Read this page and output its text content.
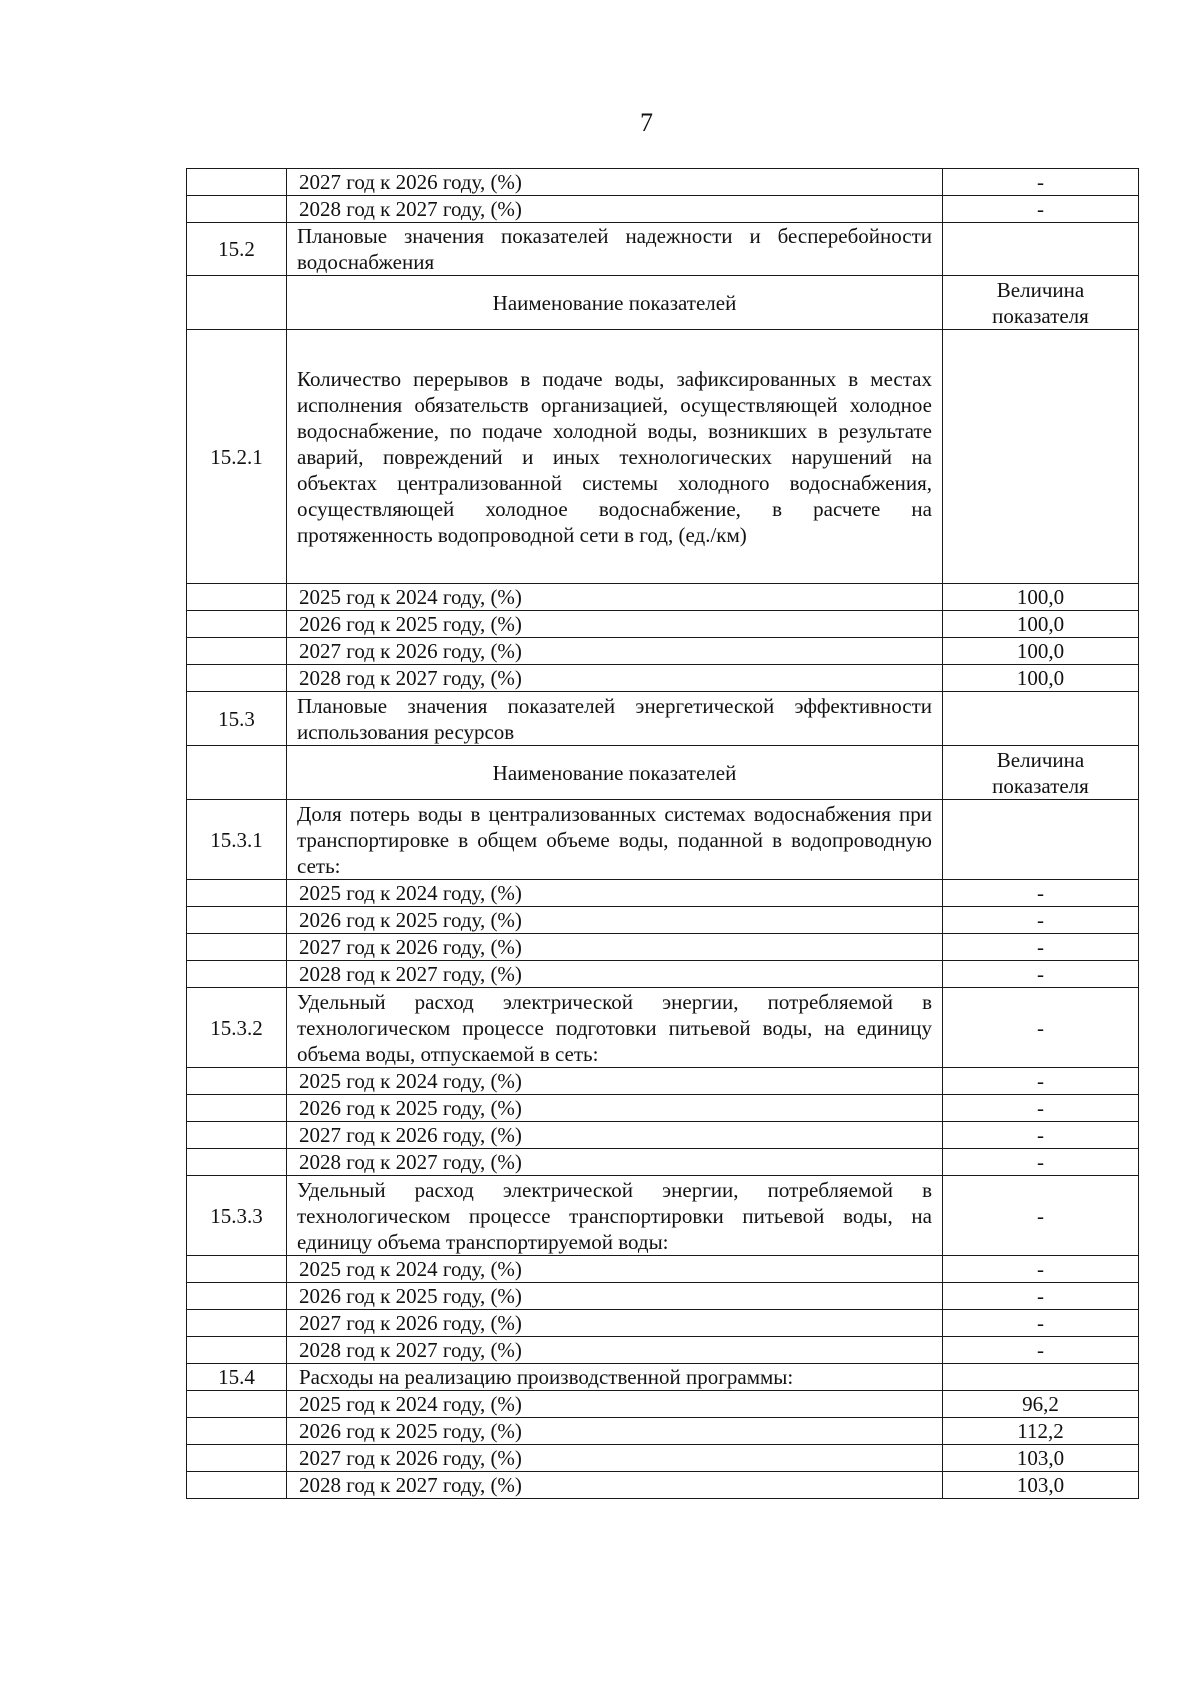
7
	2027 год к 2026 году, (%)	-
	2028 год к 2027 году, (%)	-
15.2	Плановые значения показателей надежности и бесперебойности водоснабжения	
	Наименование показателей	Величина показателя
15.2.1	Количество перерывов в подаче воды, зафиксированных в местах исполнения обязательств организацией, осуществляющей холодное водоснабжение, по подаче холодной воды, возникших в результате аварий, повреждений и иных технологических нарушений на объектах централизованной системы холодного водоснабжения, осуществляющей холодное водоснабжение, в расчете на протяженность водопроводной сети в год, (ед./км)	
	2025 год к 2024 году, (%)	100,0
	2026 год к 2025 году, (%)	100,0
	2027 год к 2026 году, (%)	100,0
	2028 год к 2027 году, (%)	100,0
15.3	Плановые значения показателей энергетической эффективности использования ресурсов	
	Наименование показателей	Величина показателя
15.3.1	Доля потерь воды в централизованных системах водоснабжения при транспортировке в общем объеме воды, поданной в водопроводную сеть:	
	2025 год к 2024 году, (%)	-
	2026 год к 2025 году, (%)	-
	2027 год к 2026 году, (%)	-
	2028 год к 2027 году, (%)	-
15.3.2	Удельный расход электрической энергии, потребляемой в технологическом процессе подготовки питьевой воды, на единицу объема воды, отпускаемой в сеть:	-
	2025 год к 2024 году, (%)	-
	2026 год к 2025 году, (%)	-
	2027 год к 2026 году, (%)	-
	2028 год к 2027 году, (%)	-
15.3.3	Удельный расход электрической энергии, потребляемой в технологическом процессе транспортировки питьевой воды, на единицу объема транспортируемой воды:	-
	2025 год к 2024 году, (%)	-
	2026 год к 2025 году, (%)	-
	2027 год к 2026 году, (%)	-
	2028 год к 2027 году, (%)	-
15.4	Расходы на реализацию производственной программы:	
	2025 год к 2024 году, (%)	96,2
	2026 год к 2025 году, (%)	112,2
	2027 год к 2026 году, (%)	103,0
	2028 год к 2027 году, (%)	103,0
